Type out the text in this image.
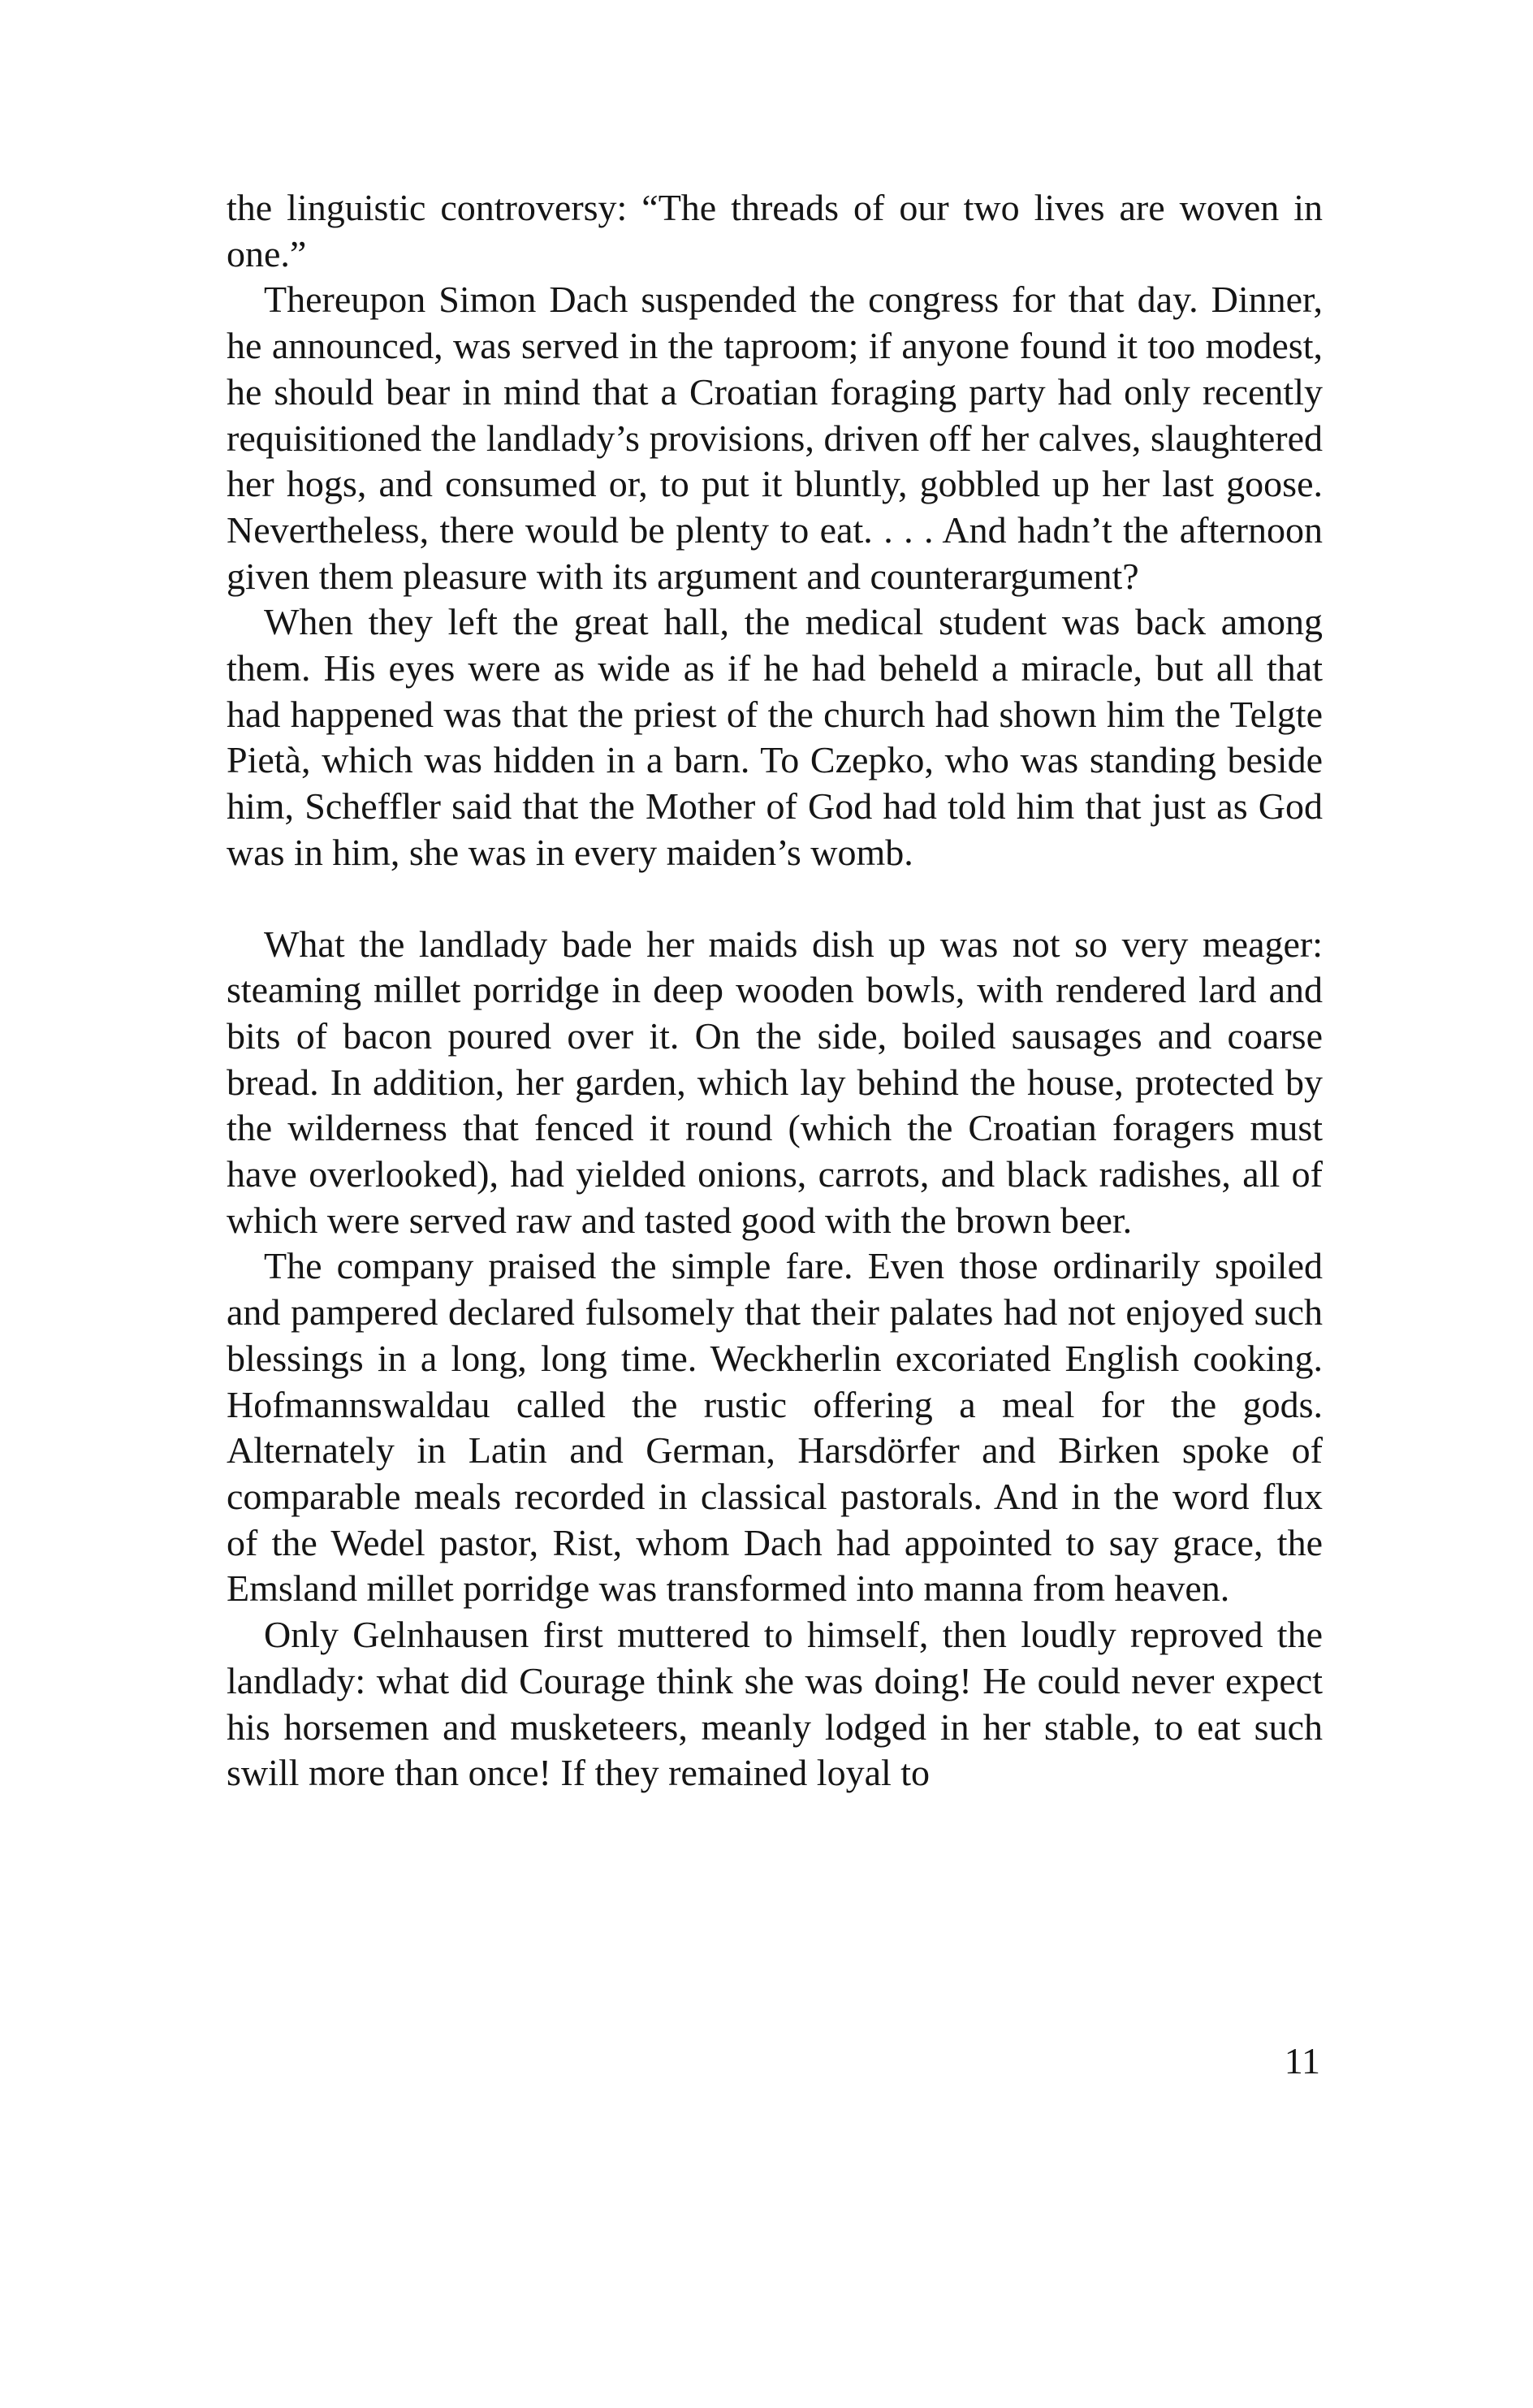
the linguistic controversy: “The threads of our two lives are woven in one.”

Thereupon Simon Dach suspended the congress for that day. Dinner, he announced, was served in the taproom; if anyone found it too modest, he should bear in mind that a Croatian foraging party had only recently requisitioned the landlady’s provisions, driven off her calves, slaughtered her hogs, and consumed or, to put it bluntly, gobbled up her last goose. Nevertheless, there would be plenty to eat. . . . And hadn’t the afternoon given them pleasure with its argument and counterargument?

When they left the great hall, the medical student was back among them. His eyes were as wide as if he had beheld a miracle, but all that had happened was that the priest of the church had shown him the Telgte Pietà, which was hidden in a barn. To Czepko, who was standing beside him, Scheffler said that the Mother of God had told him that just as God was in him, she was in every maiden’s womb.

What the landlady bade her maids dish up was not so very meager: steaming millet porridge in deep wooden bowls, with rendered lard and bits of bacon poured over it. On the side, boiled sausages and coarse bread. In addition, her garden, which lay behind the house, protected by the wilderness that fenced it round (which the Croatian foragers must have overlooked), had yielded onions, carrots, and black radishes, all of which were served raw and tasted good with the brown beer.

The company praised the simple fare. Even those ordinarily spoiled and pampered declared fulsomely that their palates had not enjoyed such blessings in a long, long time. Weckherlin excoriated English cooking. Hofmannswaldau called the rustic offering a meal for the gods. Alternately in Latin and German, Harsdörfer and Birken spoke of comparable meals recorded in classical pastorals. And in the word flux of the Wedel pastor, Rist, whom Dach had appointed to say grace, the Emsland millet porridge was transformed into manna from heaven.

Only Gelnhausen first muttered to himself, then loudly reproved the landlady: what did Courage think she was doing! He could never expect his horsemen and musketeers, meanly lodged in her stable, to eat such swill more than once! If they remained loyal to

11
